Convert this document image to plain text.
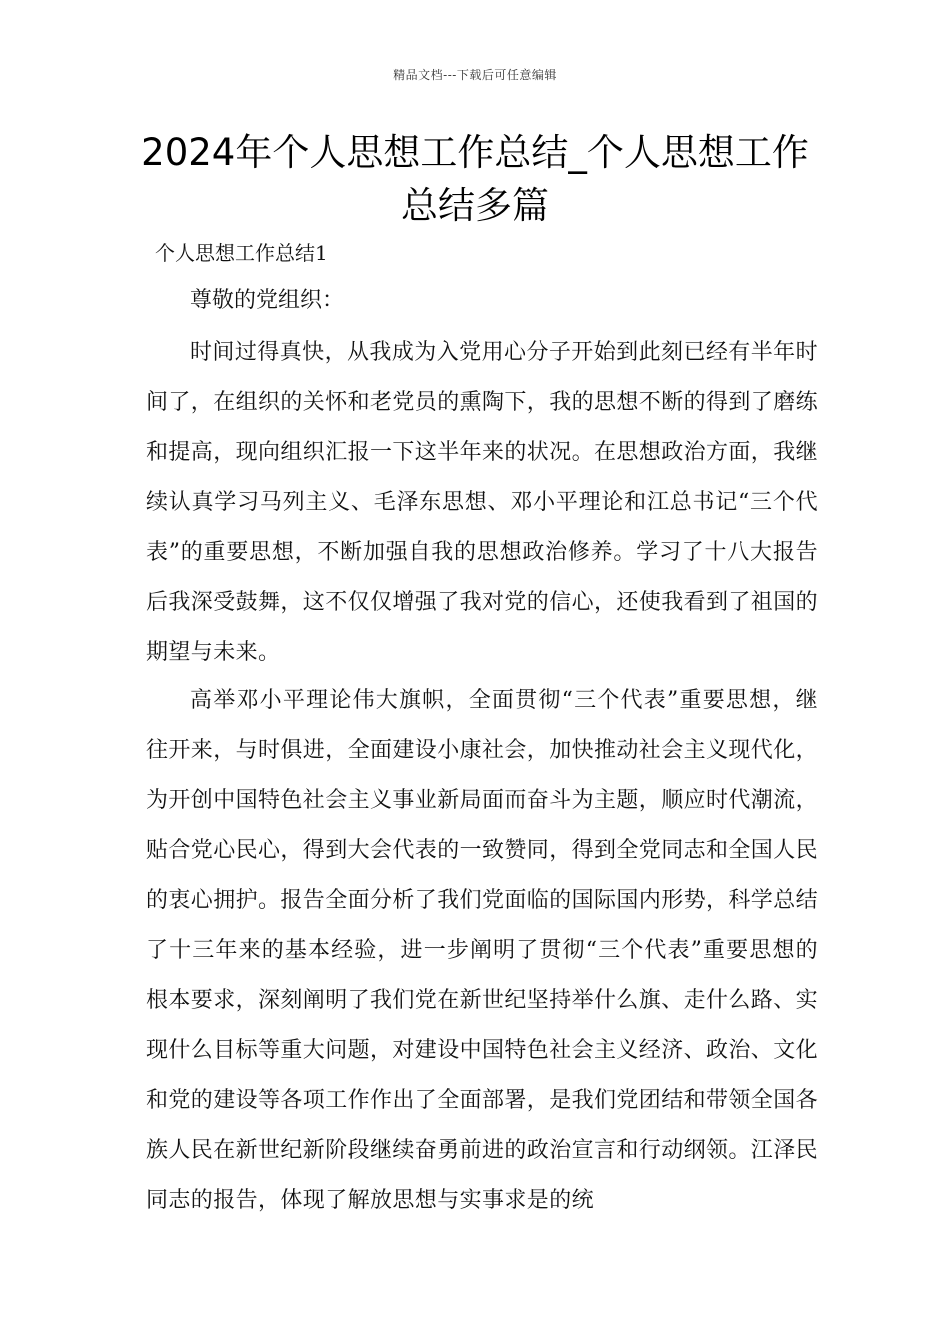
精品文档---下载后可任意编辑
2024年个人思想工作总结_个人思想工作总结多篇
个人思想工作总结1
尊敬的党组织：

时间过得真快，从我成为入党用心分子开始到此刻已经有半年时间了，在组织的关怀和老党员的熏陶下，我的思想不断的得到了磨练和提高，现向组织汇报一下这半年来的状况。在思想政治方面，我继续认真学习马列主义、毛泽东思想、邓小平理论和江总书记“三个代表”的重要思想，不断加强自我的思想政治修养。学习了十八大报告后我深受鼓舞，这不仅仅增强了我对党的信心，还使我看到了祖国的期望与未来。

高举邓小平理论伟大旗帜，全面贯彻“三个代表”重要思想，继往开来，与时俱进，全面建设小康社会，加快推动社会主义现代化，为开创中国特色社会主义事业新局面而奋斗为主题，顺应时代潮流，贴合党心民心，得到大会代表的一致赞同，得到全党同志和全国人民的衷心拥护。报告全面分析了我们党面临的国际国内形势，科学总结了十三年来的基本经验，进一步阐明了贯彻“三个代表”重要思想的根本要求，深刻阐明了我们党在新世纪坚持举什么旗、走什么路、实现什么目标等重大问题，对建设中国特色社会主义经济、政治、文化和党的建设等各项工作作出了全面部署，是我们党团结和带领全国各族人民在新世纪新阶段继续奋勇前进的政治宣言和行动纲领。江泽民同志的报告，体现了解放思想与实事求是的统
